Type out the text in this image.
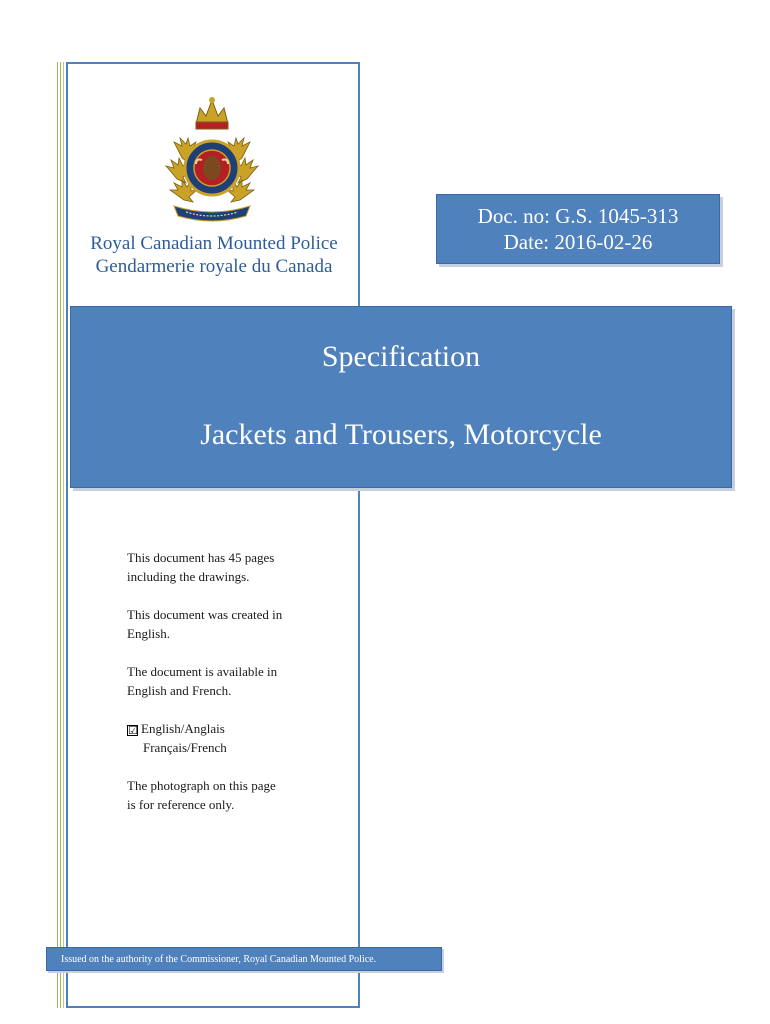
Royal Canadian Mounted Police
Gendarmerie royale du Canada
Doc. no: G.S. 1045-313
Date: 2016-02-26
Specification
Jackets and Trousers, Motorcycle

This document has 45 pages
including the drawings.

This document was created in
English.

The document is available in
English and French.

☑ English/Anglais
Français/French

The photograph on this page
is for reference only.

Issued on the authority of the Commissioner, Royal Canadian Mounted Police.
